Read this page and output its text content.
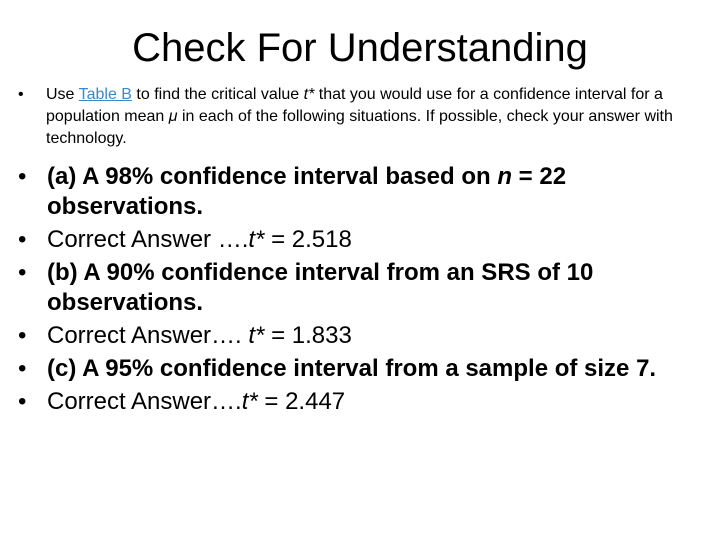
Check For Understanding
•	Use Table B to find the critical value t* that you would use for a confidence interval for a population mean μ in each of the following situations. If possible, check your answer with technology.
• (a) A 98% confidence interval based on n = 22 observations.
• Correct Answer ….t* = 2.518
• (b) A 90% confidence interval from an SRS of 10 observations.
• Correct Answer…. t* = 1.833
• (c) A 95% confidence interval from a sample of size 7.
• Correct Answer….t* = 2.447
